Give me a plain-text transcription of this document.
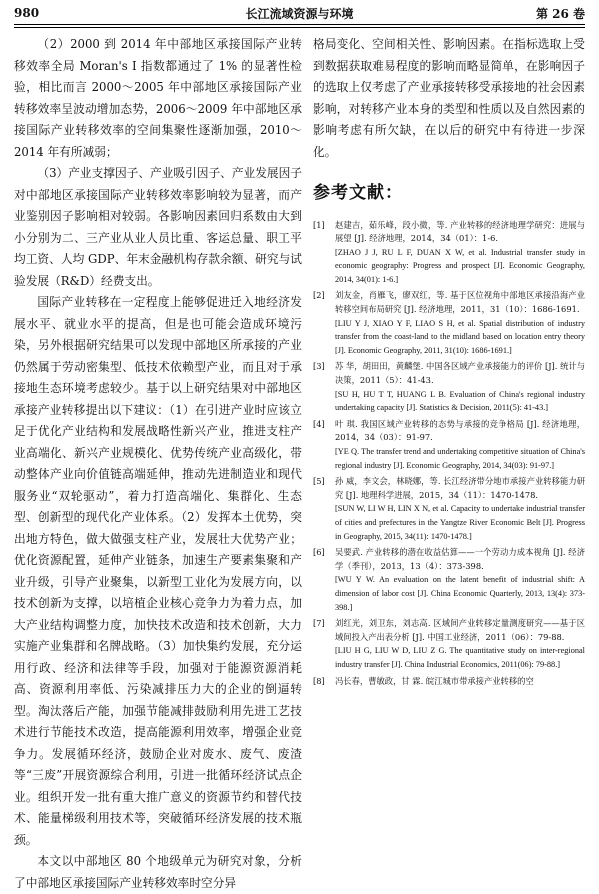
980	长江流域资源与环境	第 26 卷

（2）2000 到 2014 年中部地区承接国际产业转移效率全局 Moran's I 指数都通过了 1% 的显著性检验，相比而言 2000～2005 年中部地区承接国际产业转移效率呈波动增加态势，2006～2009 年中部地区承接国际产业转移效率的空间集聚性逐渐加强，2010～2014 年有所减弱；

（3）产业支撑因子、产业吸引因子、产业发展因子对中部地区承接国际产业转移效率影响较为显著，而产业鉴别因子影响相对较弱。各影响因素回归系数由大到小分别为二、三产业从业人员比重、客运总量、职工平均工资、人均 GDP、年末金融机构存款余额、研究与试验发展（R&D）经费支出。

国际产业转移在一定程度上能够促进迁入地经济发展水平、就业水平的提高，但是也可能会造成环境污染，另外根据研究结果可以发现中部地区所承接的产业仍然属于劳动密集型、低技术依赖型产业，而且对于承接地生态环境考虑较少。基于以上研究结果对中部地区承接产业转移提出以下建议：（1）在引进产业时应该立足于优化产业结构和发展战略性新兴产业，推进支柱产业高端化、新兴产业规模化、优势传统产业高级化，带动整体产业向价值链高端延伸，推动先进制造业和现代服务业“双轮驱动”，着力打造高端化、集群化、生态型、创新型的现代化产业体系。（2）发挥本土优势，突出地方特色，做大做强支柱产业，发展壮大优势产业；优化资源配置，延伸产业链条，加速生产要素集聚和产业升级，引导产业聚集，以新型工业化为发展方向，以技术创新为支撑，以培植企业核心竞争力为着力点，加大产业结构调整力度，加快技术改造和技术创新，大力实施产业集群和名牌战略。（3）加快集约发展，充分运用行政、经济和法律等手段，加强对于能源资源消耗高、资源利用率低、污染减排压力大的企业的倒逼转型。淘汰落后产能，加强节能减排鼓励利用先进工艺技术进行节能技术改造，提高能源利用效率，增强企业竞争力。发展循环经济，鼓励企业对废水、废气、废渣等“三废”开展资源综合利用，引进一批循环经济试点企业。组织开发一批有重大推广意义的资源节约和替代技术、能量梯级利用技术等，突破循环经济发展的技术瓶颈。

本文以中部地区 80 个地级单元为研究对象，分析了中部地区承接国际产业转移效率时空分异

格局变化、空间相关性、影响因素。在指标选取上受到数据获取难易程度的影响而略显简单，在影响因子的选取上仅考虑了产业承接转移受承接地的社会因素影响，对转移产业本身的类型和性质以及自然因素的影响考虑有所欠缺，在以后的研究中有待进一步深化。

参考文献：
[1]	赵建吉，茹乐峰，段小微，等. 产业转移的经济地理学研究：进展与展望 [J]. 经济地理，2014，34（01）：1-6.
[ZHAO J J, RU L F, DUAN X W, et al. Industrial transfer study in economic geography: Progress and prospect [J]. Economic Geography, 2014, 34(01): 1-6.]
[2]	刘友金，肖雁飞，廖双红，等. 基于区位视角中部地区承接沿海产业转移空间布局研究 [J]. 经济地理，2011，31（10）：1686-1691.
[LIU Y J, XIAO Y F, LIAO S H, et al. Spatial distribution of industry transfer from the coast-land to the midland based on location entry theory [J]. Economic Geography, 2011, 31(10): 1686-1691.]
[3]	苏 华，胡田田，黄麟堡. 中国各区域产业承接能力的评价 [J]. 统计与决策，2011（5）：41-43.
[SU H, HU T T, HUANG L B. Evaluation of China's regional industry undertaking capacity [J]. Statistics & Decision, 2011(5): 41-43.]
[4]	叶 琪. 我国区域产业转移的态势与承接的竞争格局 [J]. 经济地理，2014，34（03）：91-97.
[YE Q. The transfer trend and undertaking competitive situation of China's regional industry [J]. Economic Geography, 2014, 34(03): 91-97.]
[5]	孙 威，李文会，林晓娜，等. 长江经济带分地市承接产业转移能力研究 [J]. 地理科学进展，2015，34（11）：1470-1478.
[SUN W, LI W H, LIN X N, et al. Capacity to undertake industrial transfer of cities and prefectures in the Yangtze River Economic Belt [J]. Progress in Geography, 2015, 34(11): 1470-1478.]
[6]	吴要武. 产业转移的潜在收益估算——一个劳动力成本视角 [J]. 经济学（季刊），2013，13（4）：373-398.
[WU Y W. An evaluation on the latent benefit of industrial shift: A dimension of labor cost [J]. China Economic Quarterly, 2013, 13(4): 373-398.]
[7]	刘红光，刘卫东，刘志高. 区域间产业转移定量测度研究——基于区域间投入产出表分析 [J]. 中国工业经济，2011（06）：79-88.
[LIU H G, LIU W D, LIU Z G. The quantitative study on inter-regional industry transfer [J]. China Industrial Economics, 2011(06): 79-88.]
[8]	冯长春，曹敏政，甘 霖. 皖江城市带承接产业转移的空
